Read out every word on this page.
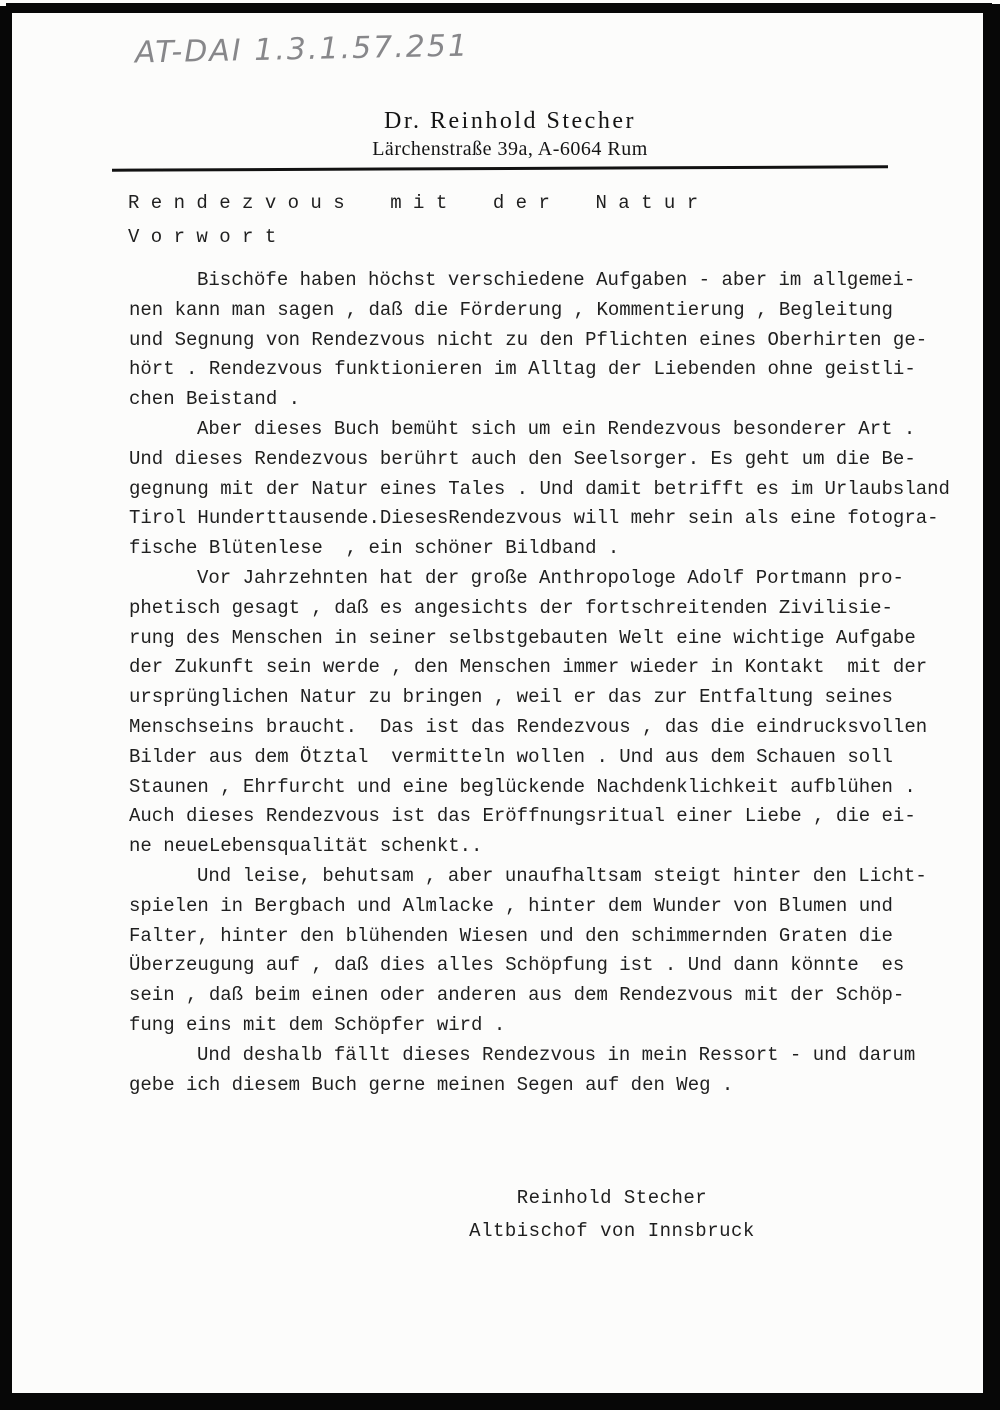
AT-DAI 1.3.1.57.251
Dr. Reinhold Stecher
Lärchenstraße 39a, A-6064 Rum
R e n d e z v o u s    m i t    d e r    N a t u r
V o r w o r t
Bischöfe haben höchst verschiedene Aufgaben - aber im allgemei-
nen kann man sagen , daß die Förderung , Kommentierung , Begleitung
und Segnung von Rendezvous nicht zu den Pflichten eines Oberhirten ge-
hört . Rendezvous funktionieren im Alltag der Liebenden ohne geistli-
chen Beistand .
Aber dieses Buch bemüht sich um ein Rendezvous besonderer Art .
Und dieses Rendezvous berührt auch den Seelsorger. Es geht um die Be-
gegnung mit der Natur eines Tales . Und damit betrifft es im Urlaubsland
Tirol Hunderttausende.DiesesRendezvous will mehr sein als eine fotogra-
fische Blütenlese  , ein schöner Bildband .
Vor Jahrzehnten hat der große Anthropologe Adolf Portmann pro-
phetisch gesagt , daß es angesichts der fortschreitenden Zivilisie-
rung des Menschen in seiner selbstgebauten Welt eine wichtige Aufgabe
der Zukunft sein werde , den Menschen immer wieder in Kontakt  mit der
ursprünglichen Natur zu bringen , weil er das zur Entfaltung seines
Menschseins braucht.  Das ist das Rendezvous , das die eindrucksvollen
Bilder aus dem Ötztal  vermitteln wollen . Und aus dem Schauen soll
Staunen , Ehrfurcht und eine beglückende Nachdenklichkeit aufblühen .
Auch dieses Rendezvous ist das Eröffnungsritual einer Liebe , die ei-
ne neueLebensqualität schenkt..
Und leise, behutsam , aber unaufhaltsam steigt hinter den Licht-
spielen in Bergbach und Almlacke , hinter dem Wunder von Blumen und
Falter, hinter den blühenden Wiesen und den schimmernden Graten die
Überzeugung auf , daß dies alles Schöpfung ist . Und dann könnte  es
sein , daß beim einen oder anderen aus dem Rendezvous mit der Schöp-
fung eins mit dem Schöpfer wird .
Und deshalb fällt dieses Rendezvous in mein Ressort - und darum
gebe ich diesem Buch gerne meinen Segen auf den Weg .
Reinhold Stecher
Altbischof von Innsbruck
